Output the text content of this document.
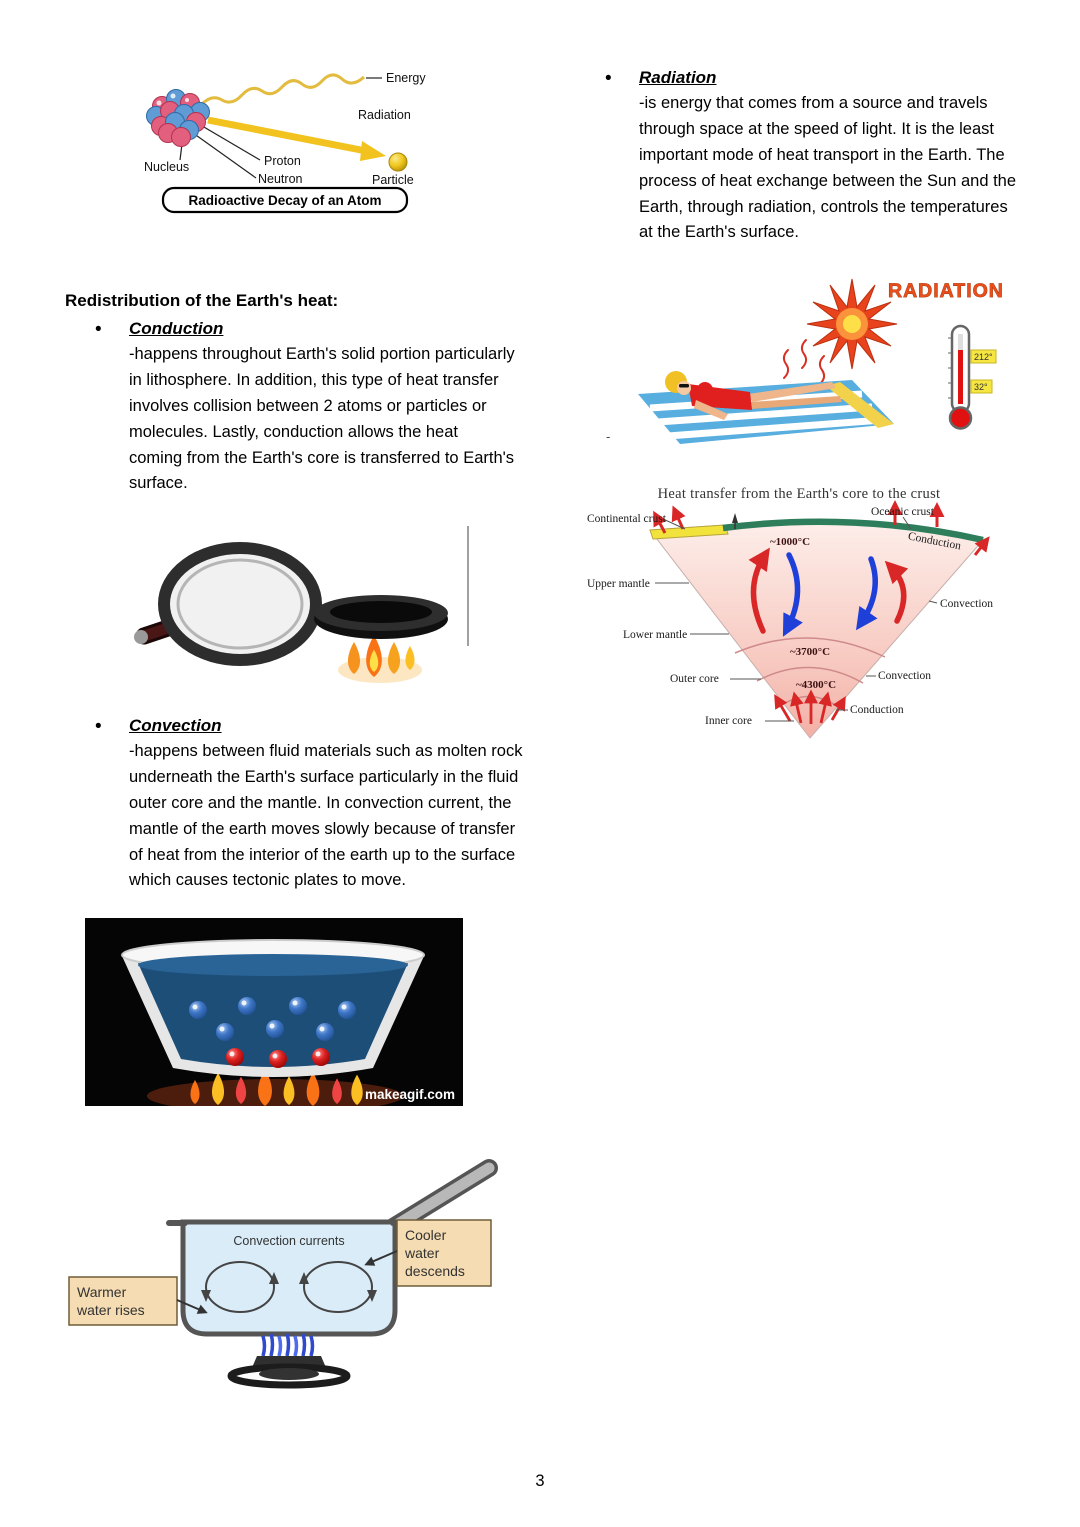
Energy
Radiation
Proton
Neutron
Nucleus
Particle
Radioactive Decay of an Atom
Redistribution of the Earth's heat:
•
Conduction
-happens throughout Earth's solid portion particularly in lithosphere. In addition, this type of heat transfer involves collision between 2 atoms or particles or molecules. Lastly, conduction allows the heat coming from the Earth's core is transferred to Earth's surface.
•
Convection
-happens between fluid materials such as molten rock underneath the Earth's surface particularly in the fluid outer core and the mantle. In convection current, the mantle of the earth moves slowly because of transfer of heat from the interior of the earth up to the surface which causes tectonic plates to move.
makeagif.com
Convection currents	Cooler
water
descends
Warmer
water rises
•
Radiation
-is energy that comes from a source and travels through space at the speed of light. It is the least important mode of heat transport in the Earth. The process of heat exchange between the Sun and the Earth, through radiation, controls the temperatures at the Earth's surface.
RADIATION
212°
32°
-
Heat transfer from the Earth's core to the crust
~1000°C
~3700°C
~4300°C
Continental crust
Oceanic crust
Conduction
Upper mantle
Convection
Lower mantle
Outer core	Convection
Conduction
Inner core
3
